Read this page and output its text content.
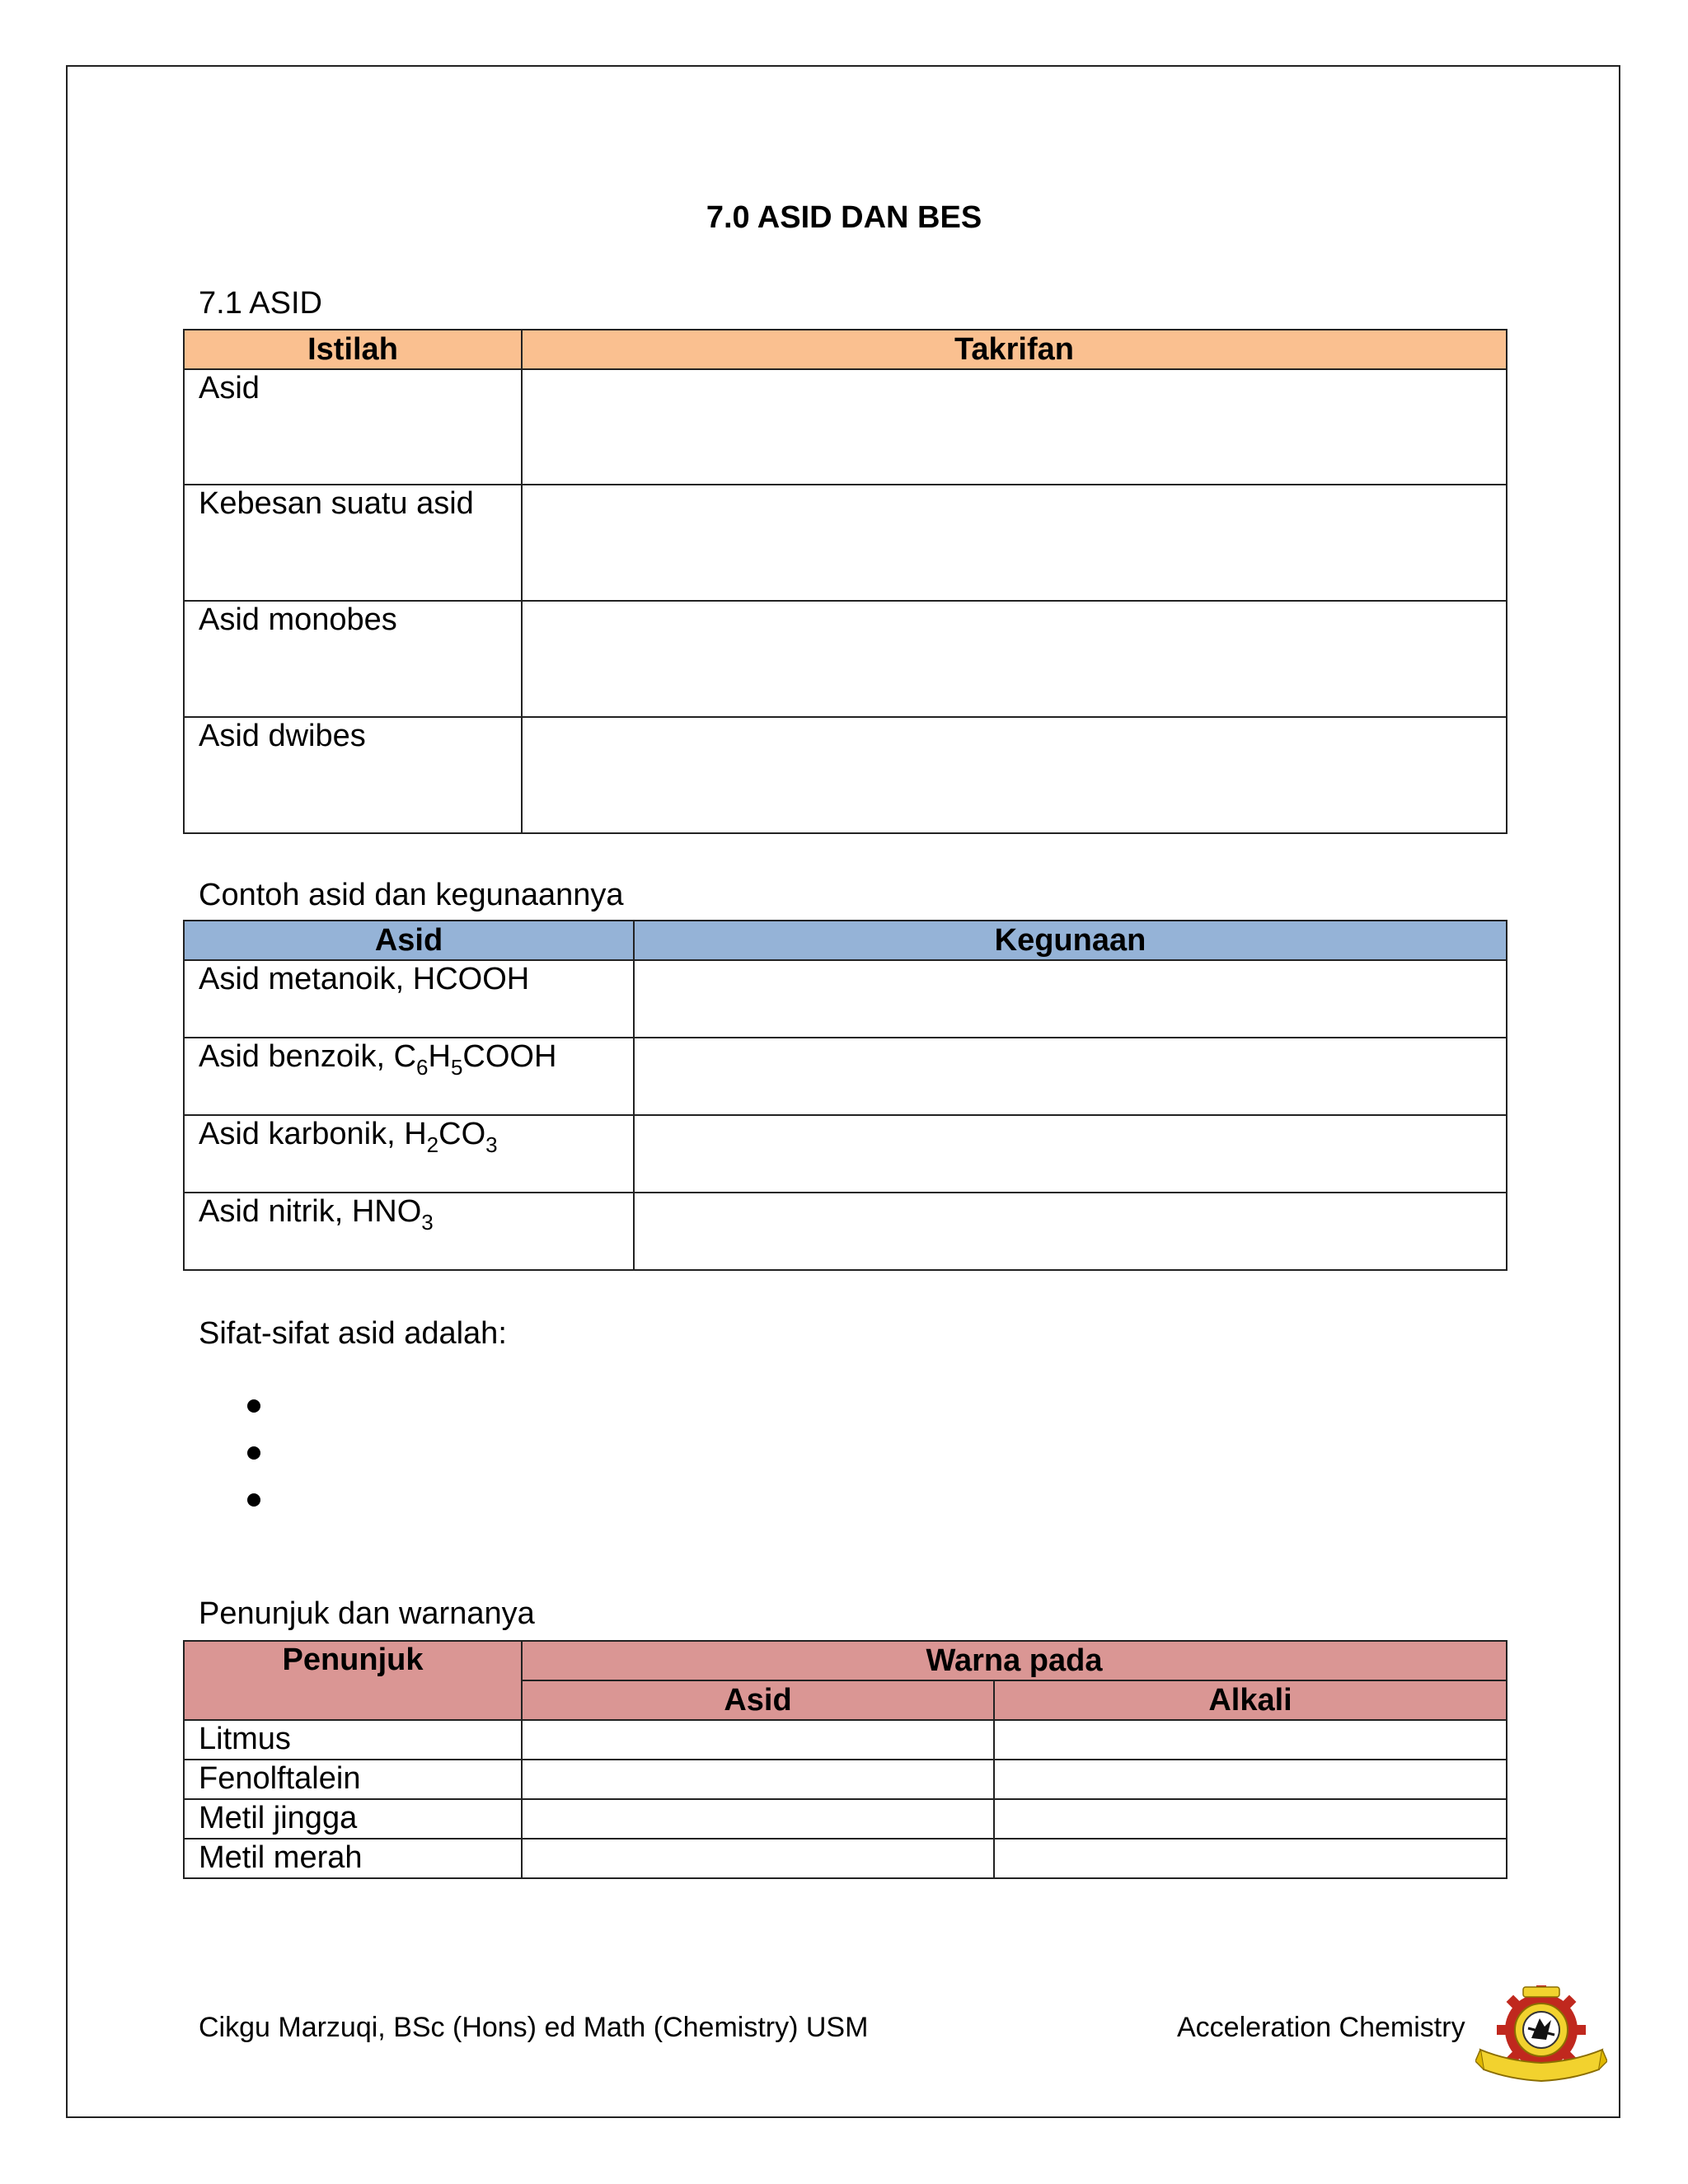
7.0 ASID DAN BES
7.1 ASID
Istilah	Takrifan
Asid	
Kebesan suatu asid	
Asid monobes	
Asid dwibes	
Contoh asid dan kegunaannya
Asid	Kegunaan
Asid metanoik, HCOOH	
Asid benzoik, $C_6H_5COOH$	
Asid karbonik, $H_2CO_3$	
Asid nitrik, $HNO_3$	
Sifat-sifat asid adalah:
Penunjuk dan warnanya
Penunjuk	Warna pada	
	Asid	Alkali
Litmus		
Fenolftalein		
Metil jingga		
Metil merah		
Cikgu Marzuqi, BSc (Hons) ed Math (Chemistry) USM	Acceleration Chemistry
